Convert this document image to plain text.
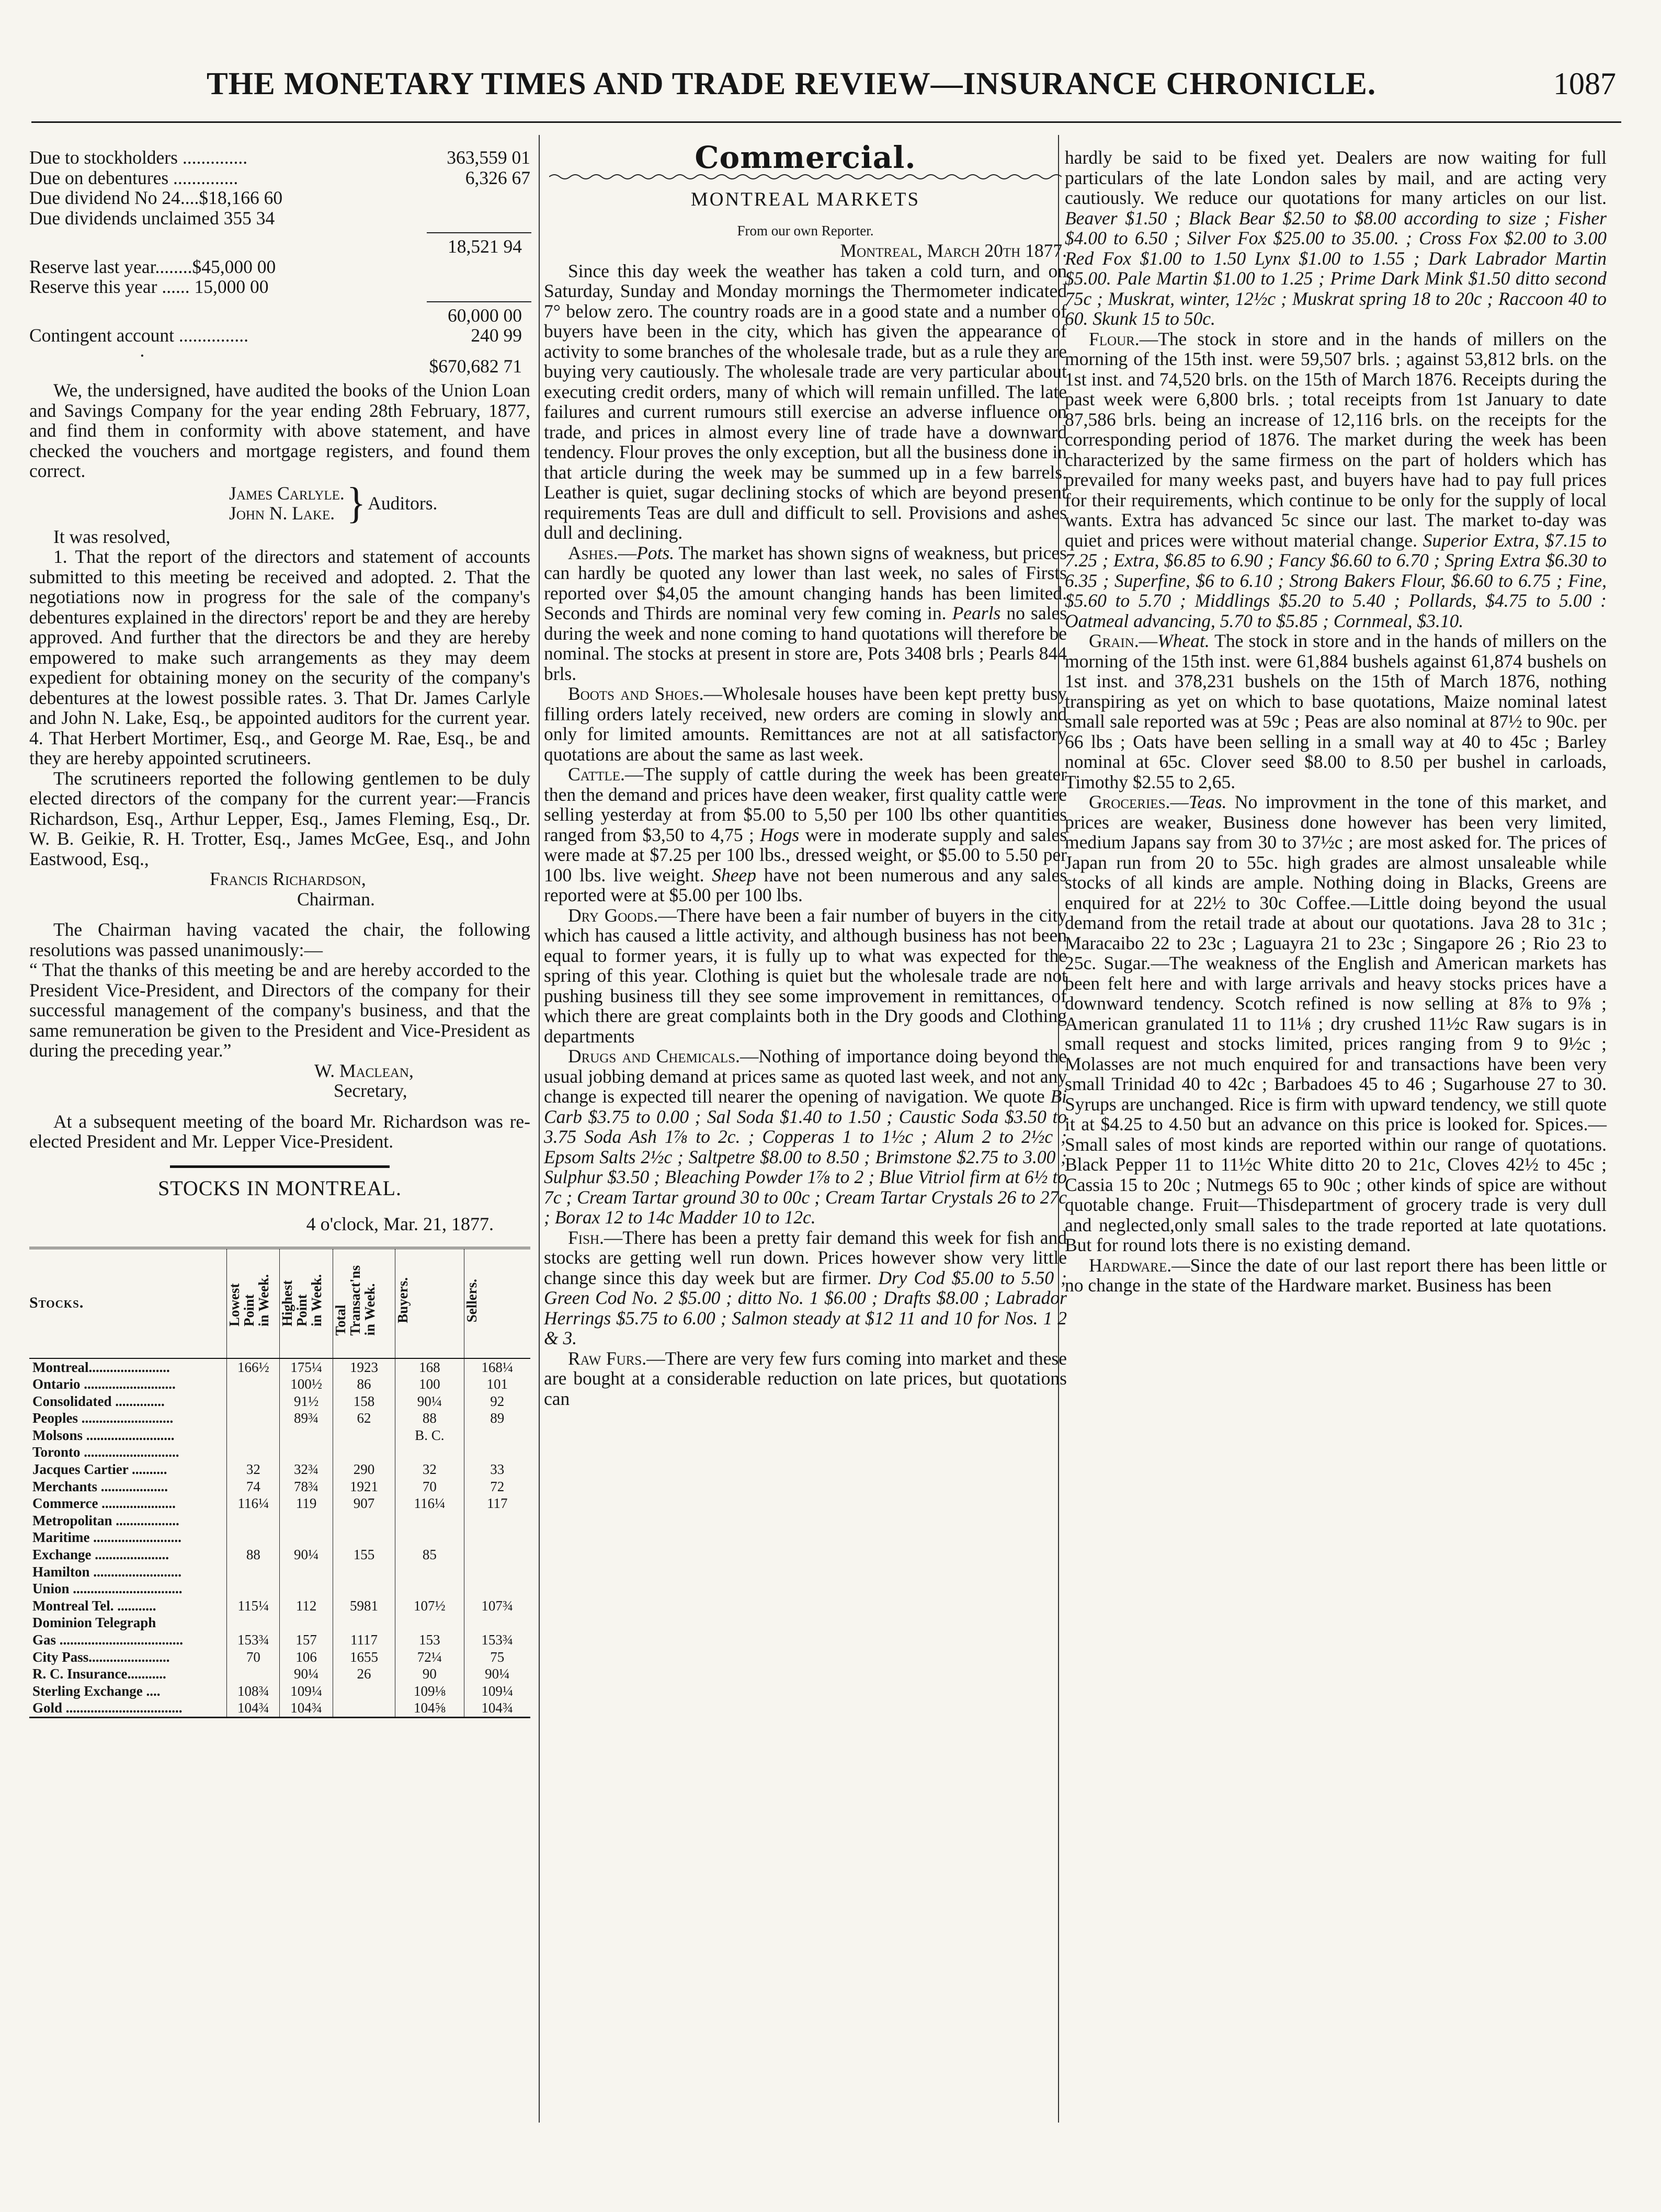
THE MONETARY TIMES AND TRADE REVIEW—INSURANCE CHRONICLE.	1087
Due to stockholders ..............	363,559 01
Due on debentures ..............	6,326 67
Due dividend No 24....$18,166 60
Due dividends unclaimed 355 34
18,521 94
Reserve last year........$45,000 00
Reserve this year ...... 15,000 00
60,000 00
Contingent account ...............	240 99
·	$670,682 71

We, the undersigned, have audited the books of the Union Loan and Savings Company for the year ending 28th February, 1877, and find them in conformity with above statement, and have checked the vouchers and mortgage registers, and found them correct.

James Carlyle.
John N. Lake. } Auditors.

It was resolved,

1. That the report of the directors and statement of accounts submitted to this meeting be received and adopted. 2. That the negotiations now in progress for the sale of the company's debentures explained in the directors' report be and they are hereby approved. And further that the directors be and they are hereby empowered to make such arrangements as they may deem expedient for obtaining money on the security of the company's debentures at the lowest possible rates. 3. That Dr. James Carlyle and John N. Lake, Esq., be appointed auditors for the current year. 4. That Herbert Mortimer, Esq., and George M. Rae, Esq., be and they are hereby appointed scrutineers.

The scrutineers reported the following gentlemen to be duly elected directors of the company for the current year:—Francis Richardson, Esq., Arthur Lepper, Esq., James Fleming, Esq., Dr. W. B. Geikie, R. H. Trotter, Esq., James McGee, Esq., and John Eastwood, Esq.,

Francis Richardson,

Chairman.

The Chairman having vacated the chair, the following resolutions was passed unanimously:—

“ That the thanks of this meeting be and are hereby accorded to the President Vice-President, and Directors of the company for their successful management of the company's business, and that the same remuneration be given to the President and Vice-President as during the preceding year.”

W. Maclean,

Secretary,

At a subsequent meeting of the board Mr. Richardson was re-elected President and Mr. Lepper Vice-President.

STOCKS IN MONTREAL.
4 o'clock, Mar. 21, 1877.
Stocks.	Lowest
Point
in Week.	Highest
Point
in Week.	Total
Transact'ns
in Week.	Buyers.	Sellers.
Montreal.......................	166½	175¼	1923	168	168¼
Ontario ..........................		100½	86	100	101
Consolidated ..............		91½	158	90¼	92
Peoples ..........................		89¾	62	88	89
Molsons .........................				B. C.	
Toronto ...........................					
Jacques Cartier ..........	32	32¾	290	32	33
Merchants ...................	74	78¾	1921	70	72
Commerce .....................	116¼	119	907	116¼	117
Metropolitan ..................					
Maritime .........................					
Exchange .....................	88	90¼	155	85	
Hamilton .........................					
Union ...............................					
Montreal Tel. ...........	115¼	112	5981	107½	107¾
Dominion Telegraph					
Gas ...................................	153¾	157	1117	153	153¾
City Pass.......................	70	106	1655	72¼	75
R. C. Insurance...........		90¼	26	90	90¼
Sterling Exchange ....	108¾	109¼		109⅛	109¼
Gold .................................	104¾	104¾		104⅝	104¾
Commercial.
MONTREAL MARKETS

From our own Reporter.

Montreal, March 20th 1877.

Since this day week the weather has taken a cold turn, and on Saturday, Sunday and Monday mornings the Thermometer indicated 7° below zero. The country roads are in a good state and a number of buyers have been in the city, which has given the appearance of activity to some branches of the wholesale trade, but as a rule they are buying very cautiously. The wholesale trade are very particular about executing credit orders, many of which will remain unfilled. The late failures and current rumours still exercise an adverse influence on trade, and prices in almost every line of trade have a downward tendency. Flour proves the only exception, but all the business done in that article during the week may be summed up in a few barrels. Leather is quiet, sugar declining stocks of which are beyond present requirements Teas are dull and difficult to sell. Provisions and ashes dull and declining.

Ashes.—Pots. The market has shown signs of weakness, but prices can hardly be quoted any lower than last week, no sales of Firsts reported over $4,05 the amount changing hands has been limited. Seconds and Thirds are nominal very few coming in. Pearls no sales during the week and none coming to hand quotations will therefore be nominal. The stocks at present in store are, Pots 3408 brls ; Pearls 844 brls.

Boots and Shoes.—Wholesale houses have been kept pretty busy filling orders lately received, new orders are coming in slowly and only for limited amounts. Remittances are not at all satisfactory quotations are about the same as last week.

Cattle.—The supply of cattle during the week has been greater then the demand and prices have deen weaker, first quality cattle were selling yesterday at from $5.00 to 5,50 per 100 lbs other quantities ranged from $3,50 to 4,75 ; Hogs were in moderate supply and sales were made at $7.25 per 100 lbs., dressed weight, or $5.00 to 5.50 per 100 lbs. live weight. Sheep have not been numerous and any sales reported were at $5.00 per 100 lbs.

Dry Goods.—There have been a fair number of buyers in the city which has caused a little activity, and although business has not been equal to former years, it is fully up to what was expected for the spring of this year. Clothing is quiet but the wholesale trade are not pushing business till they see some improvement in remittances, of which there are great complaints both in the Dry goods and Clothing departments

Drugs and Chemicals.—Nothing of importance doing beyond the usual jobbing demand at prices same as quoted last week, and not any change is expected till nearer the opening of navigation. We quote Bi Carb $3.75 to 0.00 ; Sal Soda $1.40 to 1.50 ; Caustic Soda $3.50 to 3.75 Soda Ash 1⅞ to 2c. ; Copperas 1 to 1½c ; Alum 2 to 2½c ; Epsom Salts 2½c ; Saltpetre $8.00 to 8.50 ; Brimstone $2.75 to 3.00 ; Sulphur $3.50 ; Bleaching Powder 1⅞ to 2 ; Blue Vitriol firm at 6½ to 7c ; Cream Tartar ground 30 to 00c ; Cream Tartar Crystals 26 to 27c ; Borax 12 to 14c Madder 10 to 12c.

Fish.—There has been a pretty fair demand this week for fish and stocks are getting well run down. Prices however show very little change since this day week but are firmer. Dry Cod $5.00 to 5.50 ; Green Cod No. 2 $5.00 ; ditto No. 1 $6.00 ; Drafts $8.00 ; Labrador Herrings $5.75 to 6.00 ; Salmon steady at $12 11 and 10 for Nos. 1 2 & 3.

Raw Furs.—There are very few furs coming into market and these are bought at a considerable reduction on late prices, but quotations can

hardly be said to be fixed yet. Dealers are now waiting for full particulars of the late London sales by mail, and are acting very cautiously. We reduce our quotations for many articles on our list. Beaver $1.50 ; Black Bear $2.50 to $8.00 according to size ; Fisher $4.00 to 6.50 ; Silver Fox $25.00 to 35.00. ; Cross Fox $2.00 to 3.00 Red Fox $1.00 to 1.50 Lynx $1.00 to 1.55 ; Dark Labrador Martin $5.00. Pale Martin $1.00 to 1.25 ; Prime Dark Mink $1.50 ditto second 75c ; Muskrat, winter, 12½c ; Muskrat spring 18 to 20c ; Raccoon 40 to 60. Skunk 15 to 50c.

Flour.—The stock in store and in the hands of millers on the morning of the 15th inst. were 59,507 brls. ; against 53,812 brls. on the 1st inst. and 74,520 brls. on the 15th of March 1876. Receipts during the past week were 6,800 brls. ; total receipts from 1st January to date 87,586 brls. being an increase of 12,116 brls. on the receipts for the corresponding period of 1876. The market during the week has been characterized by the same firmess on the part of holders which has prevailed for many weeks past, and buyers have had to pay full prices for their requirements, which continue to be only for the supply of local wants. Extra has advanced 5c since our last. The market to-day was quiet and prices were without material change. Superior Extra, $7.15 to 7.25 ; Extra, $6.85 to 6.90 ; Fancy $6.60 to 6.70 ; Spring Extra $6.30 to 6.35 ; Superfine, $6 to 6.10 ; Strong Bakers Flour, $6.60 to 6.75 ; Fine, $5.60 to 5.70 ; Middlings $5.20 to 5.40 ; Pollards, $4.75 to 5.00 : Oatmeal advancing, 5.70 to $5.85 ; Cornmeal, $3.10.

Grain.—Wheat. The stock in store and in the hands of millers on the morning of the 15th inst. were 61,884 bushels against 61,874 bushels on 1st inst. and 378,231 bushels on the 15th of March 1876, nothing transpiring as yet on which to base quotations, Maize nominal latest small sale reported was at 59c ; Peas are also nominal at 87½ to 90c. per 66 lbs ; Oats have been selling in a small way at 40 to 45c ; Barley nominal at 65c. Clover seed $8.00 to 8.50 per bushel in carloads, Timothy $2.55 to 2,65.

Groceries.—Teas. No improvment in the tone of this market, and prices are weaker, Business done however has been very limited, medium Japans say from 30 to 37½c ; are most asked for. The prices of Japan run from 20 to 55c. high grades are almost unsaleable while stocks of all kinds are ample. Nothing doing in Blacks, Greens are enquired for at 22½ to 30c Coffee.—Little doing beyond the usual demand from the retail trade at about our quotations. Java 28 to 31c ; Maracaibo 22 to 23c ; Laguayra 21 to 23c ; Singapore 26 ; Rio 23 to 25c. Sugar.—The weakness of the English and American markets has been felt here and with large arrivals and heavy stocks prices have a downward tendency. Scotch refined is now selling at 8⅞ to 9⅞ ; American granulated 11 to 11⅛ ; dry crushed 11½c Raw sugars is in small request and stocks limited, prices ranging from 9 to 9½c ; Molasses are not much enquired for and transactions have been very small Trinidad 40 to 42c ; Barbadoes 45 to 46 ; Sugarhouse 27 to 30. Syrups are unchanged. Rice is firm with upward tendency, we still quote it at $4.25 to 4.50 but an advance on this price is looked for. Spices.—Small sales of most kinds are reported within our range of quotations. Black Pepper 11 to 11½c White ditto 20 to 21c, Cloves 42½ to 45c ; Cassia 15 to 20c ; Nutmegs 65 to 90c ; other kinds of spice are without quotable change. Fruit—Thisdepartment of grocery trade is very dull and neglected,only small sales to the trade reported at late quotations. But for round lots there is no existing demand.

Hardware.—Since the date of our last report there has been little or no change in the state of the Hardware market. Business has been
